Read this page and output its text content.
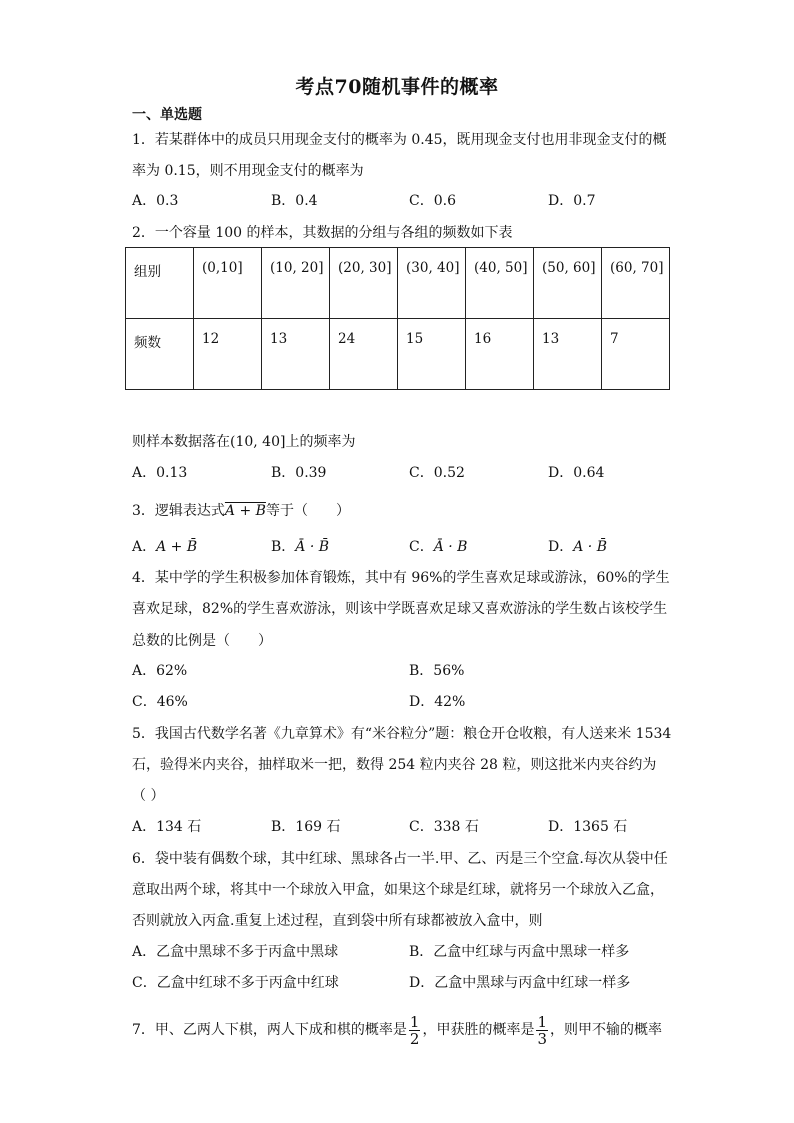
考点70随机事件的概率
一、单选题
1．若某群体中的成员只用现金支付的概率为 0.45，既用现金支付也用非现金支付的概
率为 0.15，则不用现金支付的概率为
A．0.3	B．0.4	C．0.6	D．0.7
2．一个容量 100 的样本，其数据的分组与各组的频数如下表
组别	(0,10]	(10, 20]	(20, 30]	(30, 40]	(40, 50]	(50, 60]	(60, 70]
频数	12	13	24	15	16	13	7
则样本数据落在(10, 40]上的频率为
A．0.13	B．0.39	C．0.52	D．0.64
3．逻辑表达式A + B等于（　　）
A．A + B̄	B．Ā · B̄	C．Ā · B	D．A · B̄
4．某中学的学生积极参加体育锻炼，其中有 96%的学生喜欢足球或游泳，60%的学生
喜欢足球，82%的学生喜欢游泳，则该中学既喜欢足球又喜欢游泳的学生数占该校学生
总数的比例是（　　）
A．62%	B．56%
C．46%	D．42%
5．我国古代数学名著《九章算术》有“米谷粒分”题：粮仓开仓收粮，有人送来米 1534
石，验得米内夹谷，抽样取米一把，数得 254 粒内夹谷 28 粒，则这批米内夹谷约为
（ ）
A．134 石	B．169 石	C．338 石	D．1365 石
6．袋中装有偶数个球，其中红球、黑球各占一半.甲、乙、丙是三个空盒.每次从袋中任
意取出两个球，将其中一个球放入甲盒，如果这个球是红球，就将另一个球放入乙盒，
否则就放入丙盒.重复上述过程，直到袋中所有球都被放入盒中，则
A．乙盒中黑球不多于丙盒中黑球	B．乙盒中红球与丙盒中黑球一样多
C．乙盒中红球不多于丙盒中红球	D．乙盒中黑球与丙盒中红球一样多
7．甲、乙两人下棋，两人下成和棋的概率是 $\frac{1}{2}$ ，甲获胜的概率是 $\frac{1}{3}$ ，则甲不输的概率
